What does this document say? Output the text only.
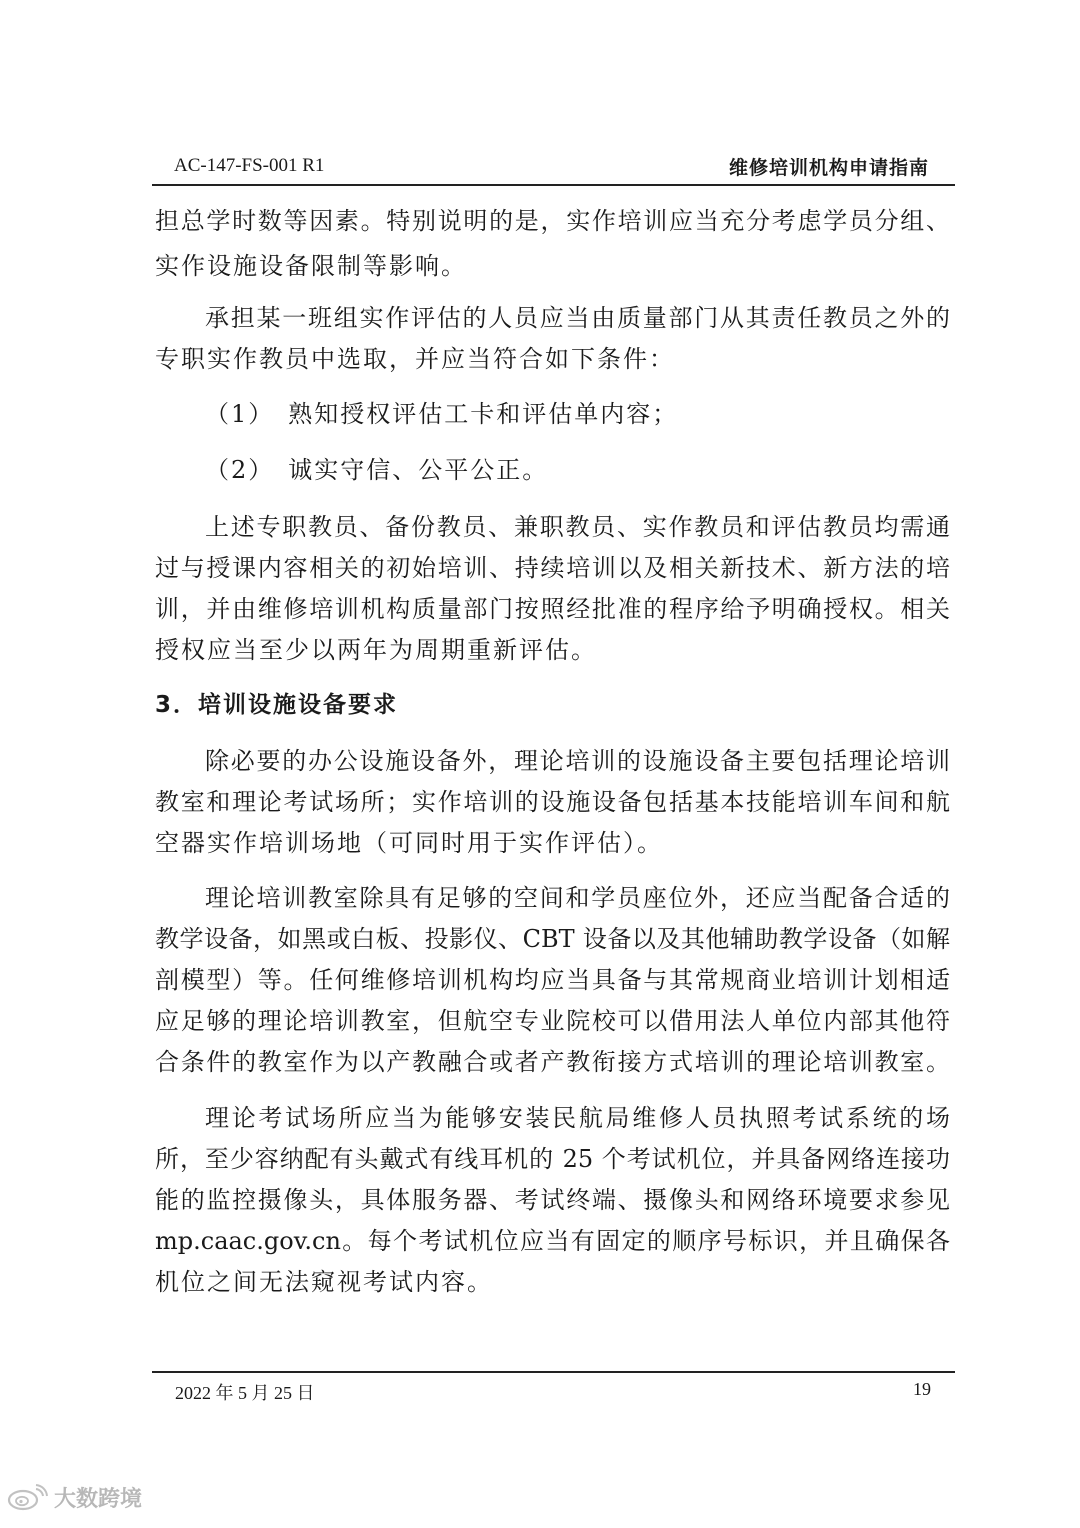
AC-147-FS-001 R1	维修培训机构申请指南
担总学时数等因素。特别说明的是，实作培训应当充分考虑学员分组、
实作设施设备限制等影响。
承担某一班组实作评估的人员应当由质量部门从其责任教员之外的
专职实作教员中选取，并应当符合如下条件：
（1）　熟知授权评估工卡和评估单内容；
（2）　诚实守信、公平公正。
上述专职教员、备份教员、兼职教员、实作教员和评估教员均需通
过与授课内容相关的初始培训、持续培训以及相关新技术、新方法的培
训，并由维修培训机构质量部门按照经批准的程序给予明确授权。相关
授权应当至少以两年为周期重新评估。
3．培训设施设备要求
除必要的办公设施设备外，理论培训的设施设备主要包括理论培训
教室和理论考试场所；实作培训的设施设备包括基本技能培训车间和航
空器实作培训场地（可同时用于实作评估）。
理论培训教室除具有足够的空间和学员座位外，还应当配备合适的
教学设备，如黑或白板、投影仪、CBT 设备以及其他辅助教学设备（如解
剖模型）等。任何维修培训机构均应当具备与其常规商业培训计划相适
应足够的理论培训教室，但航空专业院校可以借用法人单位内部其他符
合条件的教室作为以产教融合或者产教衔接方式培训的理论培训教室。
理论考试场所应当为能够安装民航局维修人员执照考试系统的场
所，至少容纳配有头戴式有线耳机的 25 个考试机位，并具备网络连接功
能的监控摄像头，具体服务器、考试终端、摄像头和网络环境要求参见
mp.caac.gov.cn。每个考试机位应当有固定的顺序号标识，并且确保各
机位之间无法窥视考试内容。
2022 年 5 月 25 日	19
大数跨境
